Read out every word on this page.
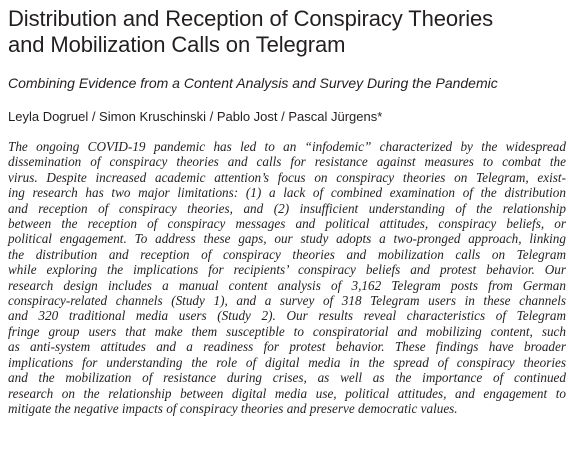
Distribution and Reception of Conspiracy Theories
and Mobilization Calls on Telegram

Combining Evidence from a Content Analysis and Survey During the Pandemic

Leyla Dogruel / Simon Kruschinski / Pablo Jost / Pascal Jürgens*

The ongoing COVID-19 pandemic has led to an “infodemic” characterized by the widespread
dissemination of conspiracy theories and calls for resistance against measures to combat the
virus. Despite increased academic attention’s focus on conspiracy theories on Telegram, exist-
ing research has two major limitations: (1) a lack of combined examination of the distribution
and reception of conspiracy theories, and (2) insufficient understanding of the relationship
between the reception of conspiracy messages and political attitudes, conspiracy beliefs, or
political engagement. To address these gaps, our study adopts a two-pronged approach, linking
the distribution and reception of conspiracy theories and mobilization calls on Telegram
while exploring the implications for recipients’ conspiracy beliefs and protest behavior. Our
research design includes a manual content analysis of 3,162 Telegram posts from German
conspiracy-related channels (Study 1), and a survey of 318 Telegram users in these channels
and 320 traditional media users (Study 2). Our results reveal characteristics of Telegram
fringe group users that make them susceptible to conspiratorial and mobilizing content, such
as anti-system attitudes and a readiness for protest behavior. These findings have broader
implications for understanding the role of digital media in the spread of conspiracy theories
and the mobilization of resistance during crises, as well as the importance of continued
research on the relationship between digital media use, political attitudes, and engagement to
mitigate the negative impacts of conspiracy theories and preserve democratic values.
